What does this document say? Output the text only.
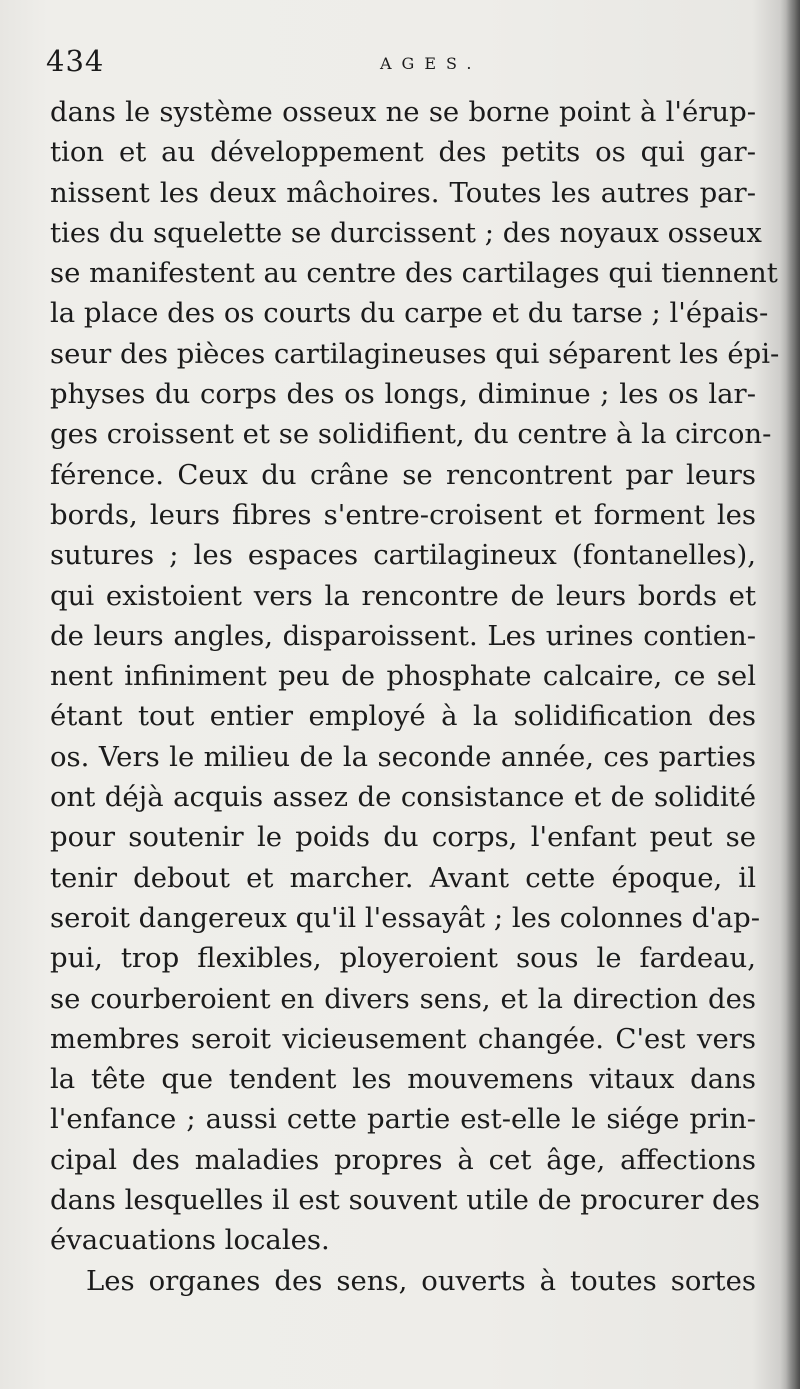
434	AGES.
dans le système osseux ne se borne point à l'érup-
tion et au développement des petits os qui gar-
nissent les deux mâchoires. Toutes les autres par-
ties du squelette se durcissent ; des noyaux osseux
se manifestent au centre des cartilages qui tiennent
la place des os courts du carpe et du tarse ; l'épais-
seur des pièces cartilagineuses qui séparent les épi-
physes du corps des os longs, diminue ; les os lar-
ges croissent et se solidifient, du centre à la circon-
férence. Ceux du crâne se rencontrent par leurs
bords, leurs fibres s'entre-croisent et forment les
sutures ; les espaces cartilagineux (fontanelles),
qui existoient vers la rencontre de leurs bords et
de leurs angles, disparoissent. Les urines contien-
nent infiniment peu de phosphate calcaire, ce sel
étant tout entier employé à la solidification des
os. Vers le milieu de la seconde année, ces parties
ont déjà acquis assez de consistance et de solidité
pour soutenir le poids du corps, l'enfant peut se
tenir debout et marcher. Avant cette époque, il
seroit dangereux qu'il l'essayât ; les colonnes d'ap-
pui, trop flexibles, ployeroient sous le fardeau,
se courberoient en divers sens, et la direction des
membres seroit vicieusement changée. C'est vers
la tête que tendent les mouvemens vitaux dans
l'enfance ; aussi cette partie est-elle le siége prin-
cipal des maladies propres à cet âge, affections
dans lesquelles il est souvent utile de procurer des
évacuations locales.
Les organes des sens, ouverts à toutes sortes
